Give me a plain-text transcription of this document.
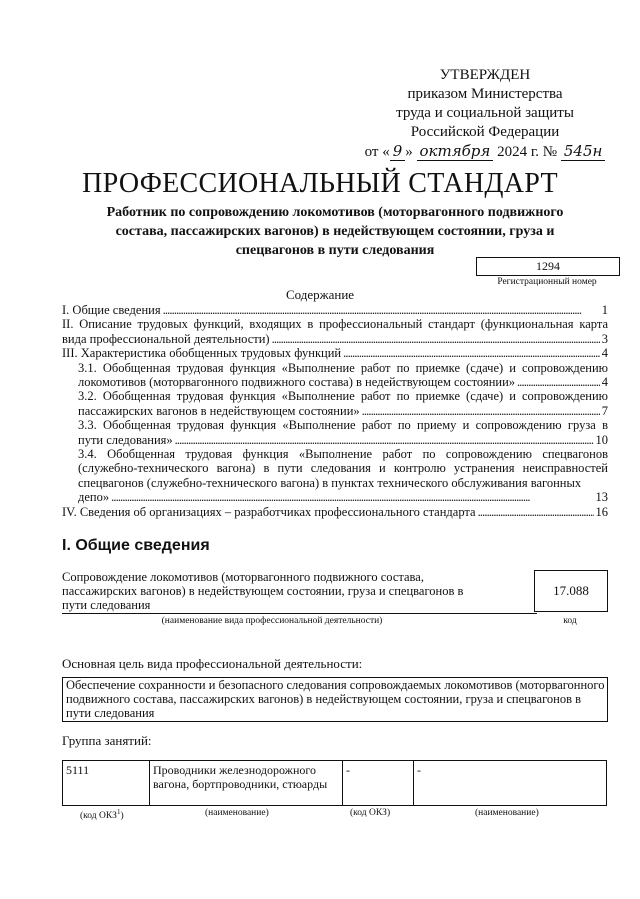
УТВЕРЖДЕН
приказом Министерства
труда и социальной защиты
Российской Федерации
от « 9 » октября 2024 г. № 545н
ПРОФЕССИОНАЛЬНЫЙ СТАНДАРТ
Работник по сопровождению локомотивов (моторвагонного подвижного состава, пассажирских вагонов) в недействующем состоянии, груза и спецвагонов в пути следования
1294
Регистрационный номер
Содержание
I. Общие сведения . . .	1
II. Описание трудовых функций, входящих в профессиональный стандарт (функциональная карта
вида профессиональной деятельности) . . .	3
III. Характеристика обобщенных трудовых функций . . .	4
3.1. Обобщенная трудовая функция «Выполнение работ по приемке (сдаче) и сопровождению
локомотивов (моторвагонного подвижного состава) в недействующем состоянии» . . .	4
3.2. Обобщенная трудовая функция «Выполнение работ по приемке (сдаче) и сопровождению
пассажирских вагонов в недействующем состоянии» . . .	7
3.3. Обобщенная трудовая функция «Выполнение работ по приему и сопровождению груза в
пути следования» . . .	10
3.4. Обобщенная трудовая функция «Выполнение работ по сопровождению спецвагонов (служебно-технического вагона) в пути следования и контролю устранения неисправностей спецвагонов (служебно-технического вагона) в пунктах технического обслуживания вагонных
депо» . . .	13
IV. Сведения об организациях – разработчиках профессионального стандарта . . .	16
I. Общие сведения
Сопровождение локомотивов (моторвагонного подвижного состава, пассажирских вагонов) в недействующем состоянии, груза и спецвагонов в пути следования
17.088
(наименование вида профессиональной деятельности)	код
Основная цель вида профессиональной деятельности:
Обеспечение сохранности и безопасного следования сопровождаемых локомотивов (моторвагонного подвижного состава, пассажирских вагонов) в недействующем состоянии, груза и спецвагонов в пути следования
Группа занятий:
5111	Проводники железнодорожного вагона, бортпроводники, стюарды	-	-
(код ОКЗ$^1$)	(наименование)	(код ОКЗ)	(наименование)
